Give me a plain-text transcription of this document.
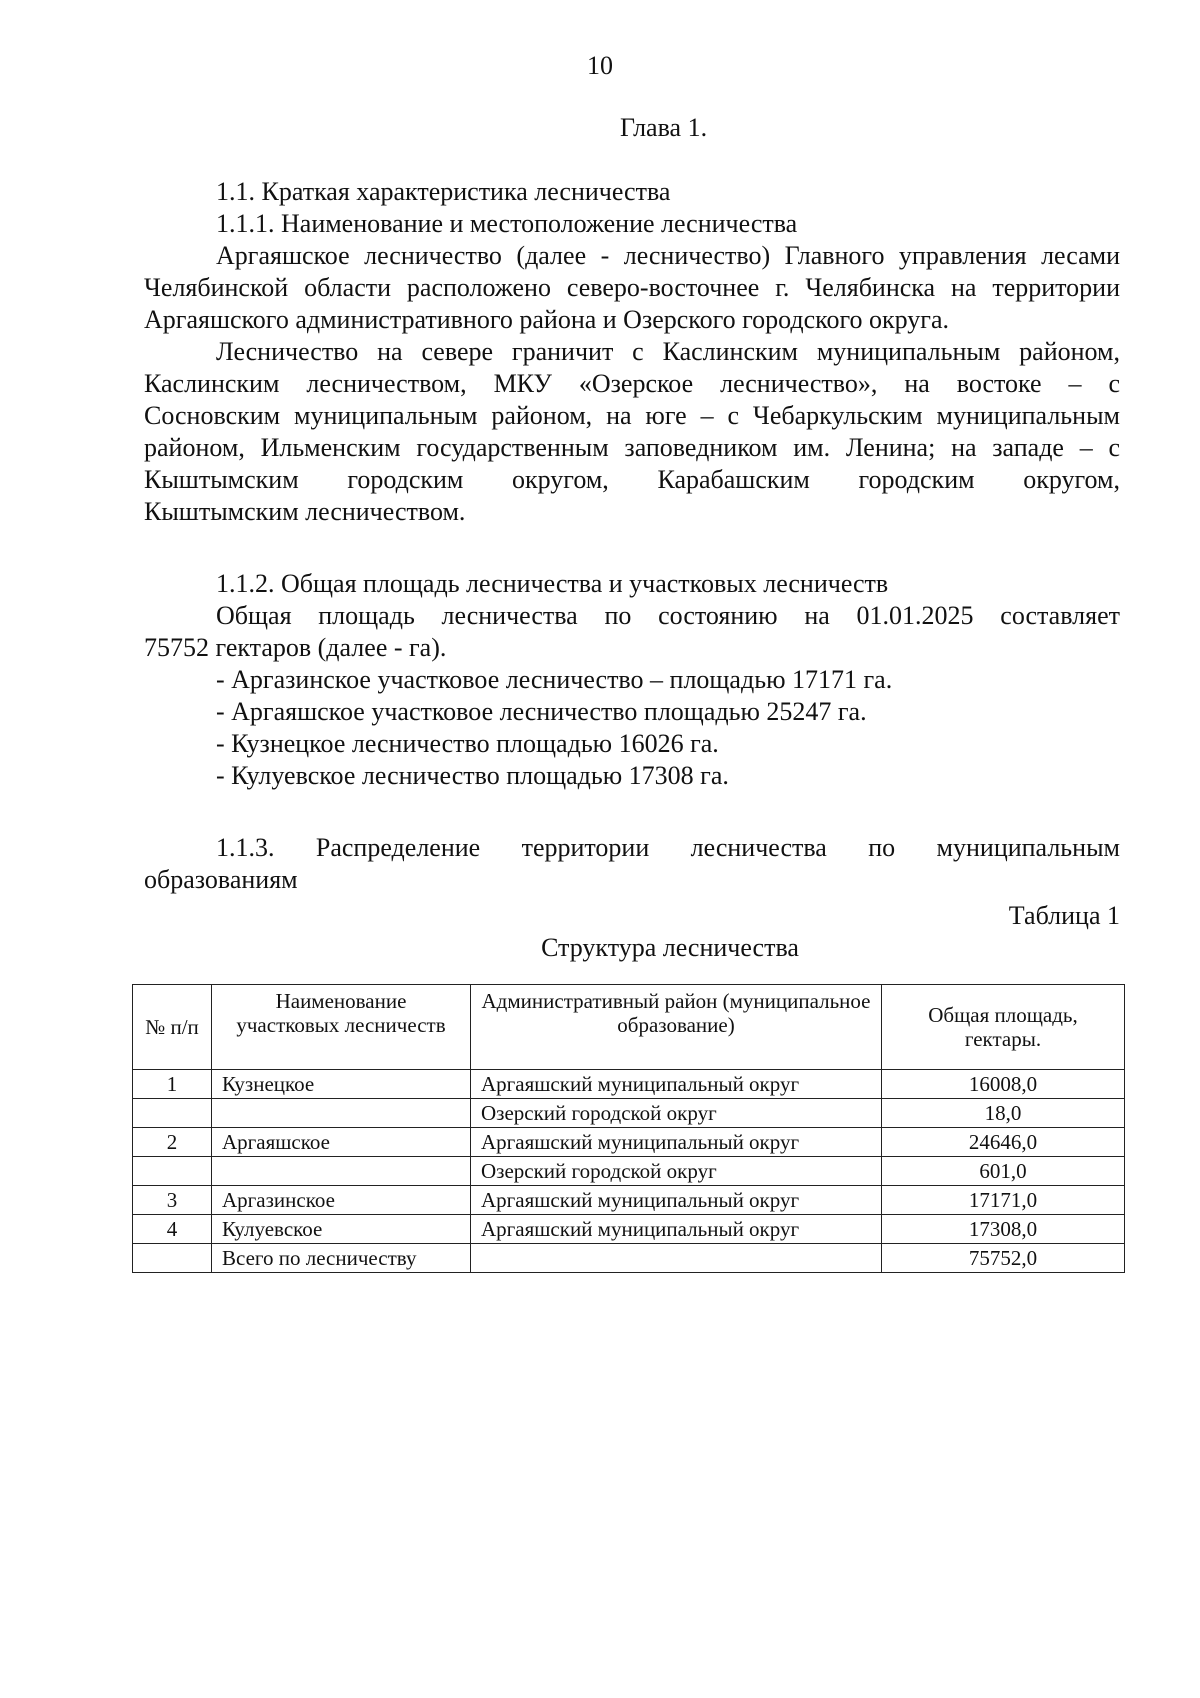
10

Глава 1.

1.1. Краткая характеристика лесничества

1.1.1. Наименование и местоположение лесничества

Аргаяшское лесничество (далее - лесничество) Главного управления лесами

Челябинской области расположено северо-восточнее г. Челябинска на территории

Аргаяшского административного района и Озерского городского округа.

Лесничество на севере граничит с Каслинским муниципальным районом,

Каслинским лесничеством, МКУ «Озерское лесничество», на востоке – с

Сосновским муниципальным районом, на юге – с Чебаркульским муниципальным

районом, Ильменским государственным заповедником им. Ленина; на западе – с

Кыштымским городским округом, Карабашским городским округом,

Кыштымским лесничеством.

1.1.2. Общая площадь лесничества и участковых лесничеств

Общая площадь лесничества по состоянию на 01.01.2025 составляет

75752 гектаров (далее - га).

- Аргазинское участковое лесничество – площадью 17171 га.

- Аргаяшское участковое лесничество площадью 25247 га.

- Кузнецкое лесничество площадью 16026 га.

- Кулуевское лесничество площадью 17308 га.

1.1.3. Распределение территории лесничества по муниципальным

образованиям

Таблица 1

Структура лесничества

№ п/п	Наименование участковых лесничеств	Административный район (муниципальное образование)	Общая площадь, гектары.
1	Кузнецкое	Аргаяшский муниципальный округ	16008,0
		Озерский городской округ	18,0
2	Аргаяшское	Аргаяшский муниципальный округ	24646,0
		Озерский городской округ	601,0
3	Аргазинское	Аргаяшский муниципальный округ	17171,0
4	Кулуевское	Аргаяшский муниципальный округ	17308,0
	Всего по лесничеству		75752,0
